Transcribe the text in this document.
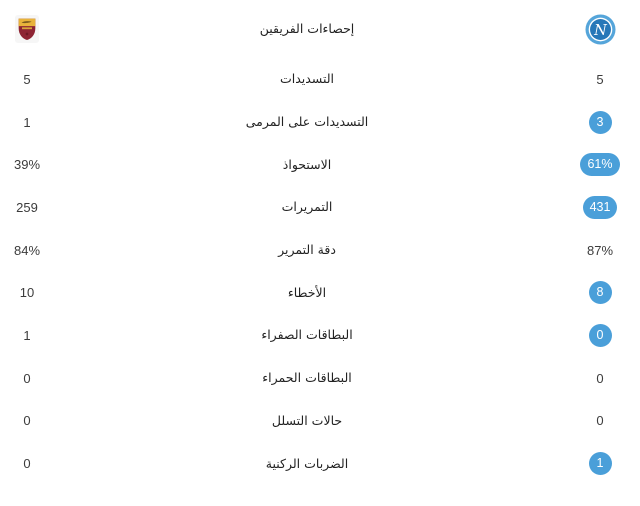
إحصاءات الفريقين	N
5	التسديدات	5
1	التسديدات على المرمى	3
39%	الاستحواذ	61%
259	التمريرات	431
84%	دقة التمرير	87%
10	الأخطاء	8
1	البطاقات الصفراء	0
0	البطاقات الحمراء	0
0	حالات التسلل	0
0	الضربات الركنية	1
